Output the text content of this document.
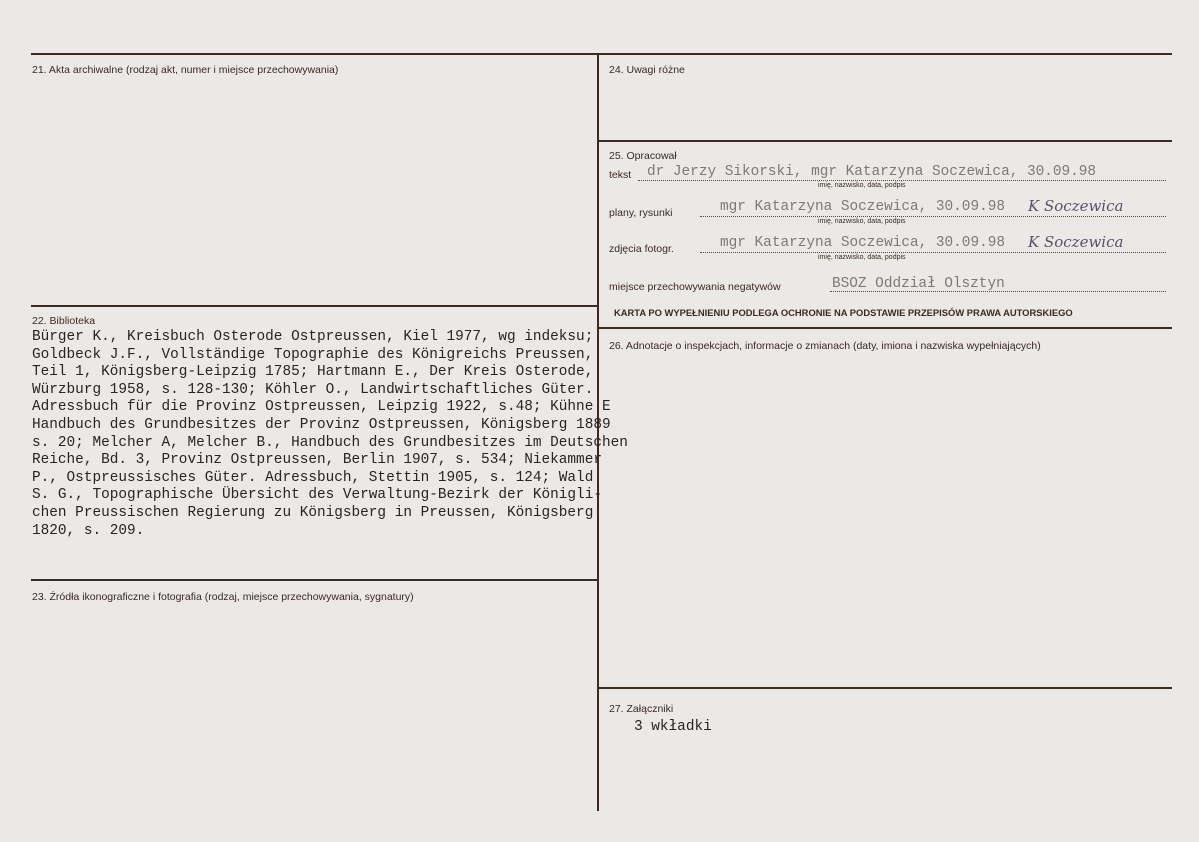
21. Akta archiwalne (rodzaj akt, numer i miejsce przechowywania)
22. Biblioteka
Bürger K., Kreisbuch Osterode Ostpreussen, Kiel 1977, wg indeksu;
Goldbeck J.F., Vollständige Topographie des Königreichs Preussen,
Teil 1, Königsberg-Leipzig 1785; Hartmann E., Der Kreis Osterode,
Würzburg 1958, s. 128-130; Köhler O., Landwirtschaftliches Güter.
Adressbuch für die Provinz Ostpreussen, Leipzig 1922, s.48; Kühne E
Handbuch des Grundbesitzes der Provinz Ostpreussen, Königsberg 1889
s. 20; Melcher A, Melcher B., Handbuch des Grundbesitzes im Deutschen
Reiche, Bd. 3, Provinz Ostpreussen, Berlin 1907, s. 534; Niekammer
P., Ostpreussisches Güter. Adressbuch, Stettin 1905, s. 124; Wald
S. G., Topographische Übersicht des Verwaltung-Bezirk der Königli-
chen Preussischen Regierung zu Königsberg in Preussen, Königsberg
1820, s. 209.
23. Źródła ikonograficzne i fotografia (rodzaj, miejsce przechowywania, sygnatury)
24. Uwagi różne
25. Opracował
tekst dr Jerzy Sikorski, mgr Katarzyna Soczewica, 30.09.98
imię, nazwisko, data, podpis
plany, rysunki	mgr Katarzyna Soczewica, 30.09.98 K Soczewica
imię, nazwisko, data, podpis
zdjęcia fotogr.	mgr Katarzyna Soczewica, 30.09.98 K Soczewica
imię, nazwisko, data, podpis
miejsce przechowywania negatywów	BSOZ Oddział Olsztyn
KARTA PO WYPEŁNIENIU PODLEGA OCHRONIE NA PODSTAWIE PRZEPISÓW PRAWA AUTORSKIEGO
26. Adnotacje o inspekcjach, informacje o zmianach (daty, imiona i nazwiska wypełniających)
27. Załączniki
3 wkładki
